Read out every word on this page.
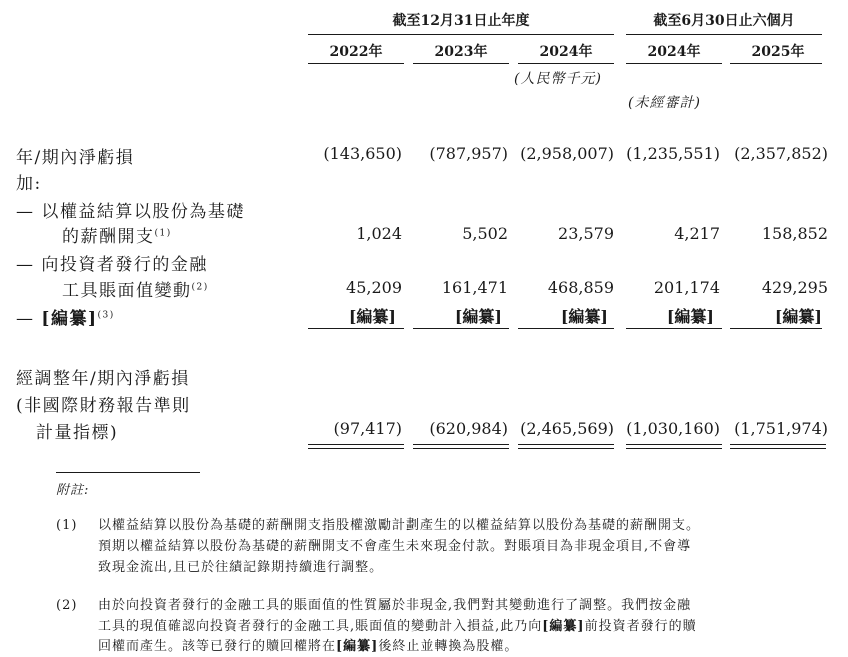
截至12月31日止年度	截至6月30日止六個月
2022年	2023年	2024年	2024年	2025年
(人民幣千元)
(未經審計)
年/期內淨虧損	(143,650)	(787,957) (2,958,007) (1,235,551) (2,357,852)
加:
— 以權益結算以股份為基礎
的薪酬開支$^{(1)}$	1,024	5,502	23,579	4,217	158,852
— 向投資者發行的金融
工具賬面值變動$^{(2)}$	45,209	161,471	468,859	201,174	429,295
— [編纂]$^{(3)}$	[編纂]	[編纂]	[編纂]	[編纂]	[編纂]
經調整年/期內淨虧損
(非國際財務報告準則
計量指標)	(97,417)	(620,984) (2,465,569) (1,030,160) (1,751,974)
附註:
(1) 以權益結算以股份為基礎的薪酬開支指股權激勵計劃產生的以權益結算以股份為基礎的薪酬開支。
預期以權益結算以股份為基礎的薪酬開支不會產生未來現金付款。對賬項目為非現金項目,不會導
致現金流出,且已於往績記錄期持續進行調整。
(2) 由於向投資者發行的金融工具的賬面值的性質屬於非現金,我們對其變動進行了調整。我們按金融
工具的現值確認向投資者發行的金融工具,賬面值的變動計入損益,此乃向[編纂]前投資者發行的贖
回權而產生。該等已發行的贖回權將在[編纂]後終止並轉換為股權。
